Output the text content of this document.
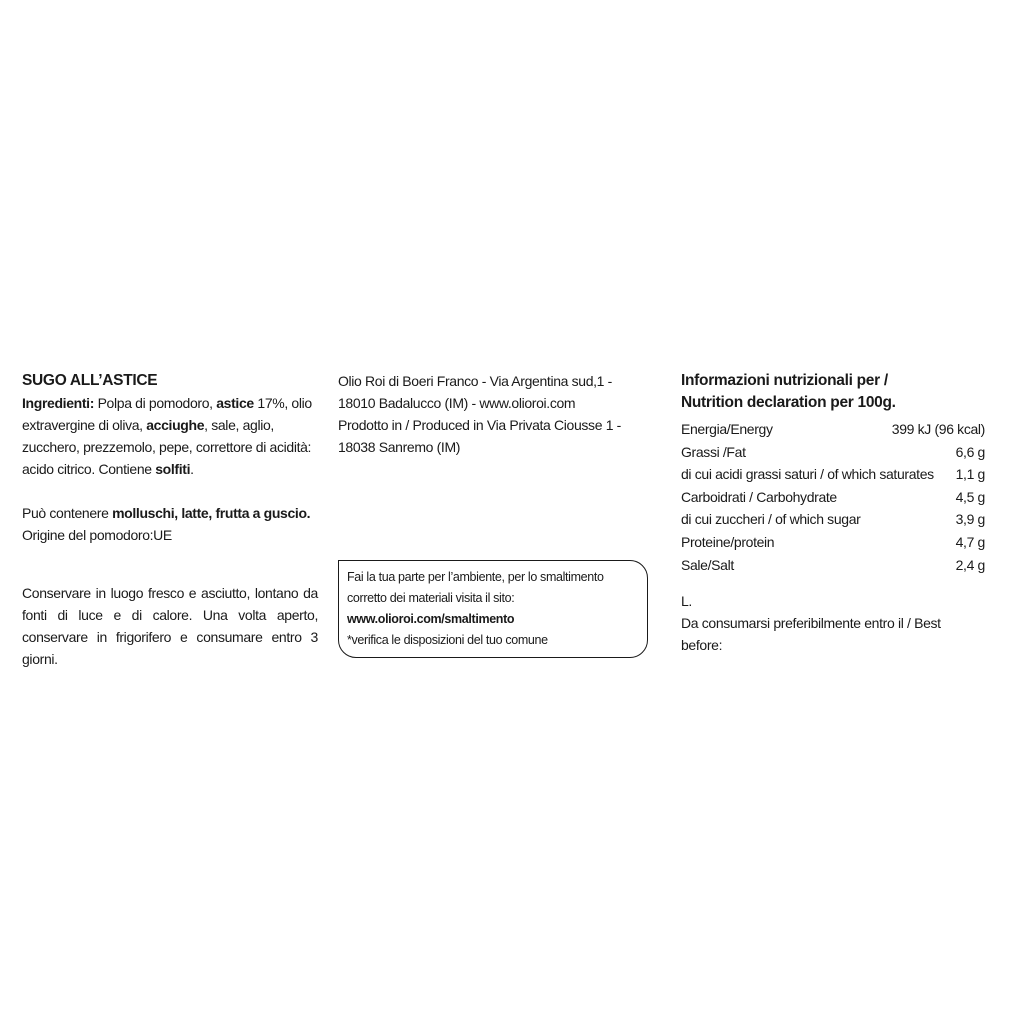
SUGO ALL’ASTICE

Ingredienti: Polpa di pomodoro, astice 17%, olio extravergine di oliva, acciughe, sale, aglio, zucchero, prezzemolo, pepe, correttore di acidità: acido citrico. Contiene solfiti.

Può contenere molluschi, latte, frutta a guscio.

Origine del pomodoro:UE

Conservare in luogo fresco e asciutto, lontano da fonti di luce e di calore. Una volta aperto, conservare in frigorifero e consumare entro 3 giorni.

Olio Roi di Boeri Franco - Via Argentina sud,1 - 18010 Badalucco (IM) - www.olioroi.com

Prodotto in / Produced in Via Privata Ciousse 1 - 18038 Sanremo (IM)

Fai la tua parte per l’ambiente, per lo smaltimento corretto dei materiali visita il sito:
www.olioroi.com/smaltimento
*verifica le disposizioni del tuo comune
Informazioni nutrizionali per /
Nutrition declaration per 100g.
Energia/Energy	399 kJ (96 kcal)
Grassi /Fat	6,6 g
di cui acidi grassi saturi / of which saturates 1,1 g
Carboidrati / Carbohydrate	4,5 g
di cui zuccheri / of which sugar	3,9 g
Proteine/protein	4,7 g
Sale/Salt	2,4 g
L.
Da consumarsi preferibilmente entro il / Best before:
